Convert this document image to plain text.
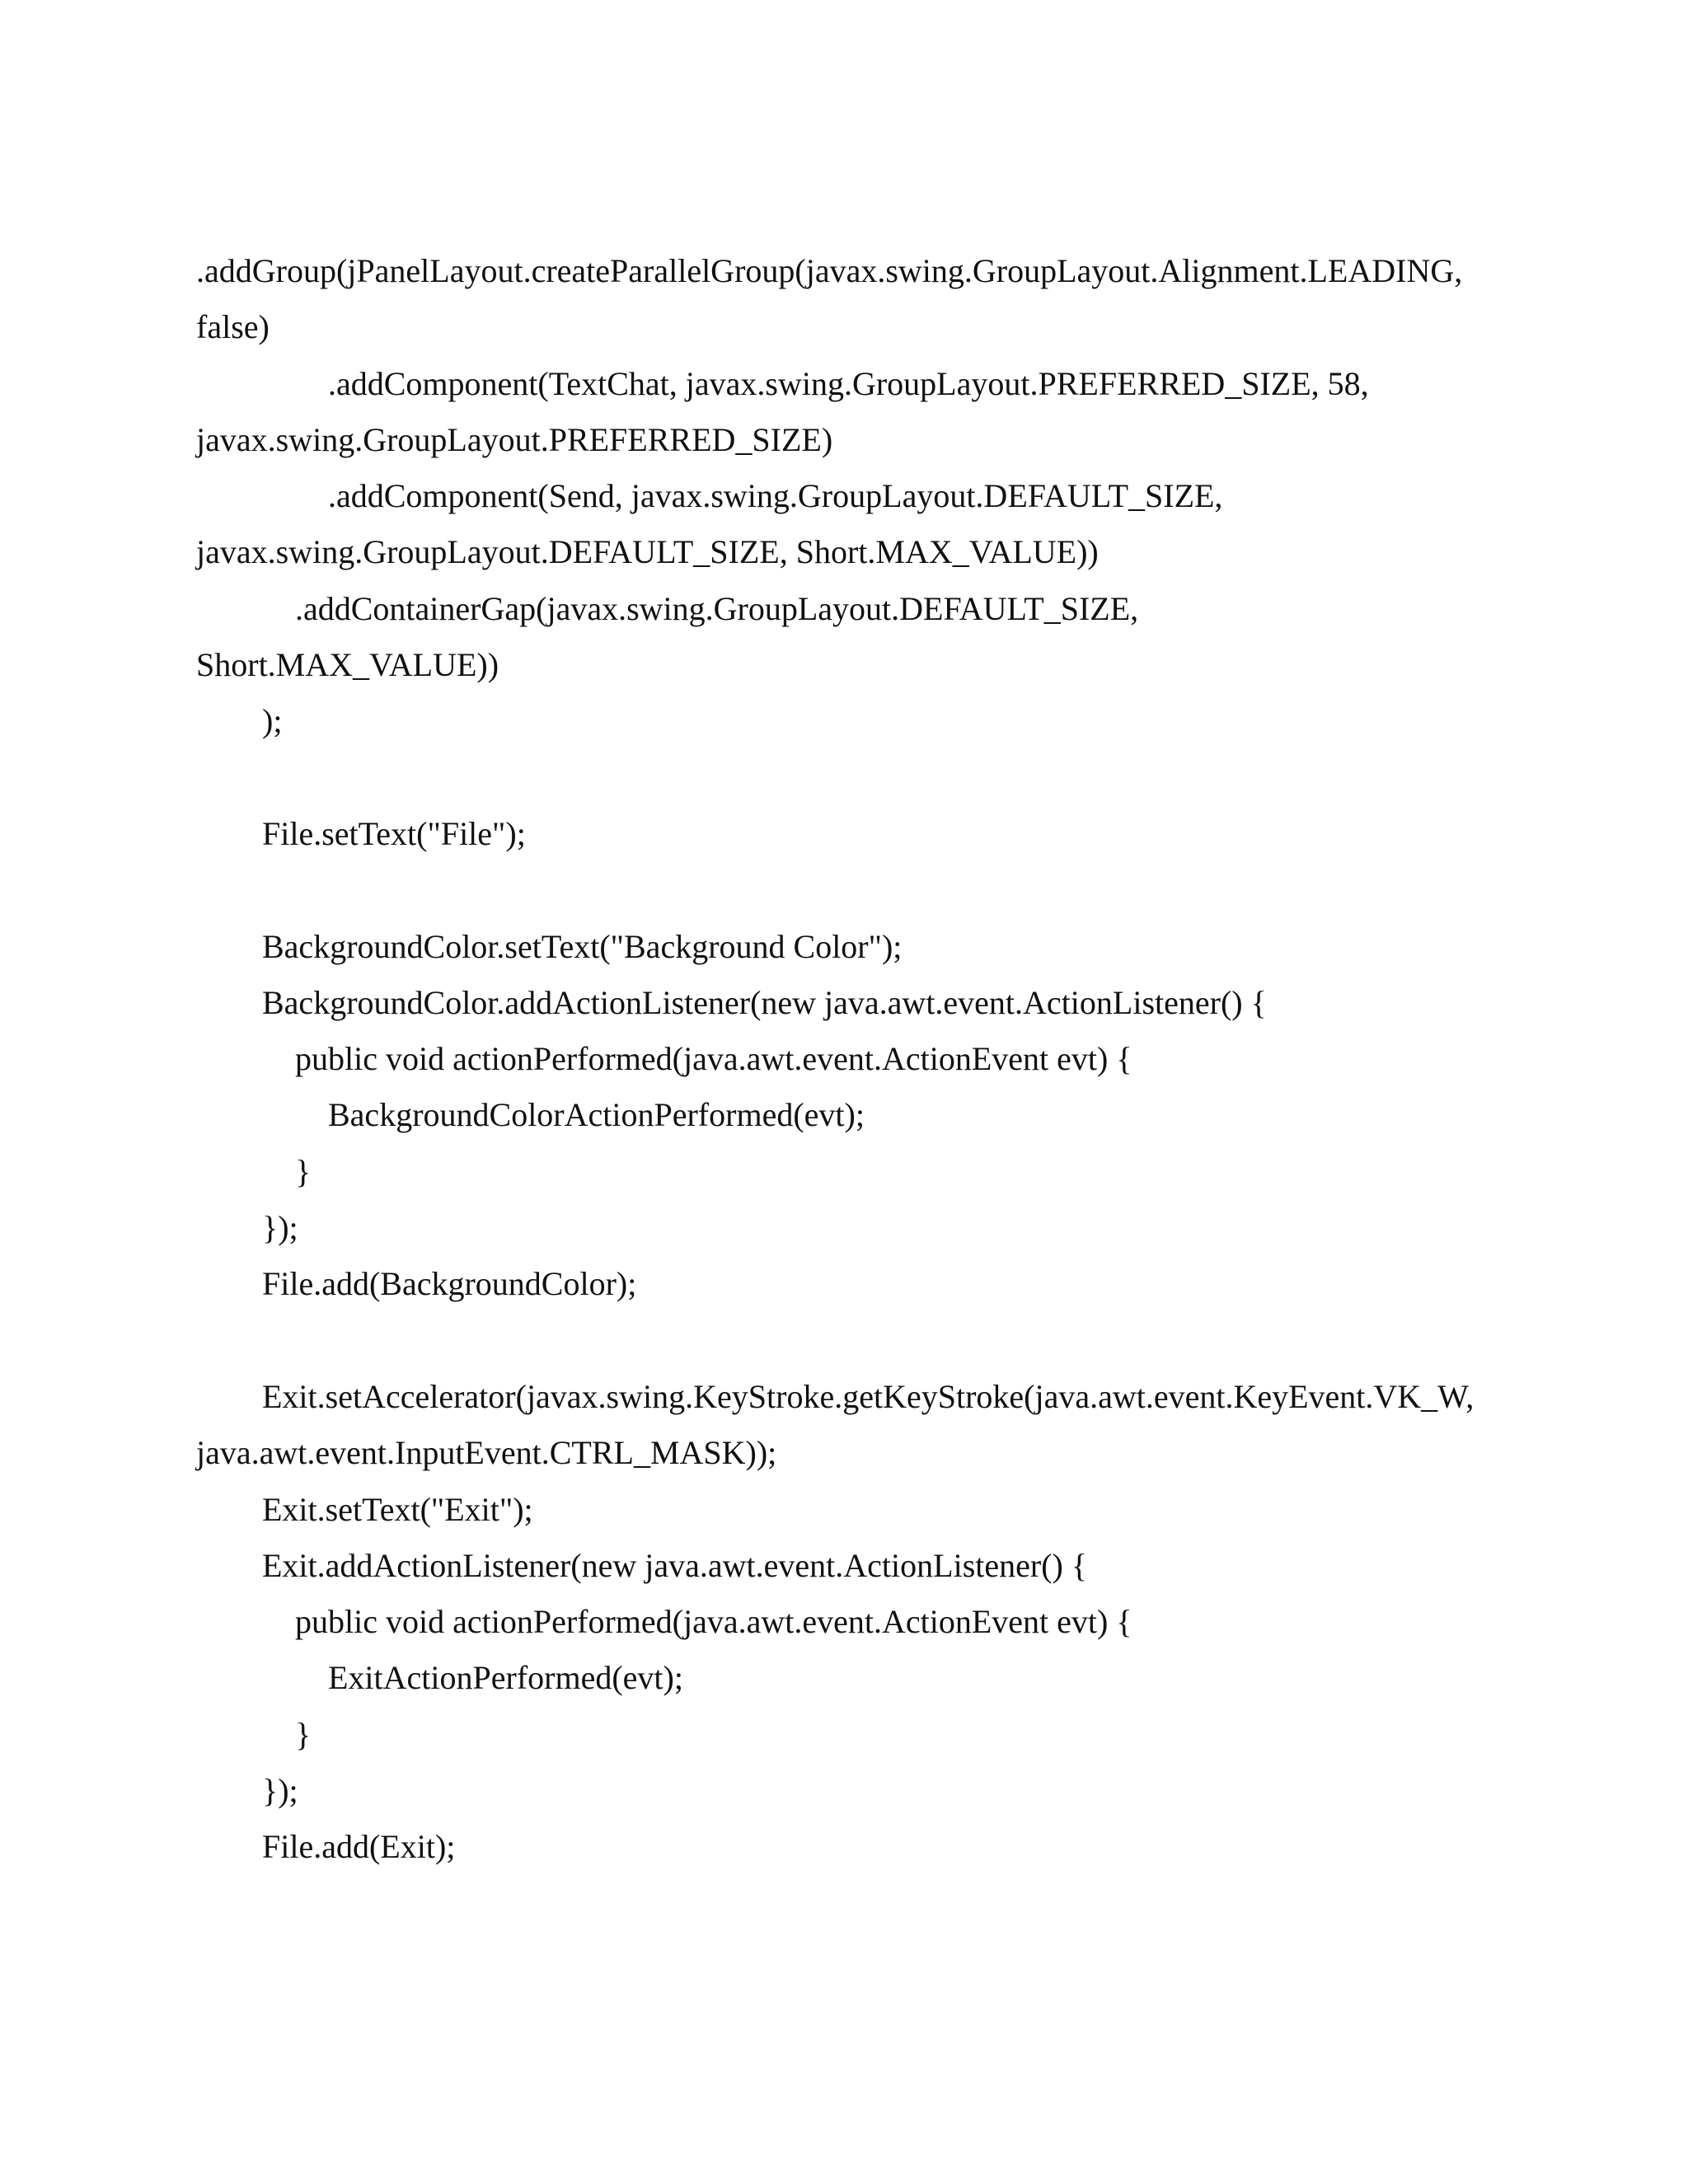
.addGroup(jPanelLayout.createParallelGroup(javax.swing.GroupLayout.Alignment.LEADING,
false)
.addComponent(TextChat, javax.swing.GroupLayout.PREFERRED_SIZE, 58,
javax.swing.GroupLayout.PREFERRED_SIZE)
.addComponent(Send, javax.swing.GroupLayout.DEFAULT_SIZE,
javax.swing.GroupLayout.DEFAULT_SIZE, Short.MAX_VALUE))
.addContainerGap(javax.swing.GroupLayout.DEFAULT_SIZE,
Short.MAX_VALUE))
);
File.setText("File");
BackgroundColor.setText("Background Color");
BackgroundColor.addActionListener(new java.awt.event.ActionListener() {
public void actionPerformed(java.awt.event.ActionEvent evt) {
BackgroundColorActionPerformed(evt);
}
});
File.add(BackgroundColor);
Exit.setAccelerator(javax.swing.KeyStroke.getKeyStroke(java.awt.event.KeyEvent.VK_W,
java.awt.event.InputEvent.CTRL_MASK));
Exit.setText("Exit");
Exit.addActionListener(new java.awt.event.ActionListener() {
public void actionPerformed(java.awt.event.ActionEvent evt) {
ExitActionPerformed(evt);
}
});
File.add(Exit);
